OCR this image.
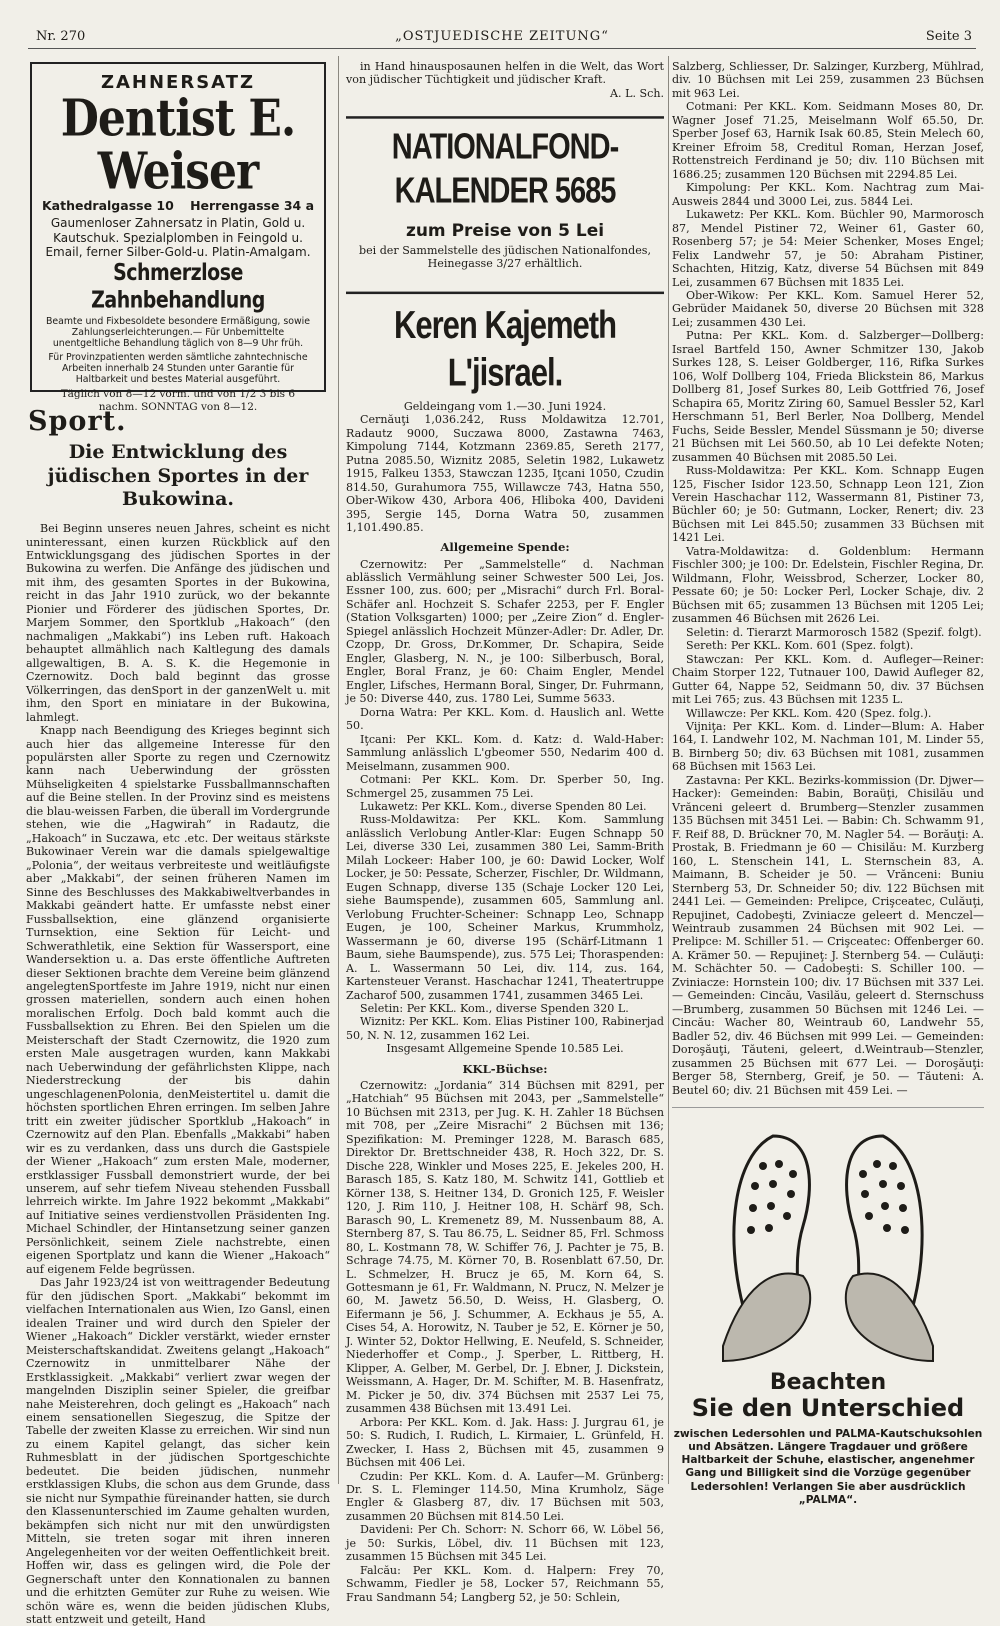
Nr. 270	„OSTJUEDISCHE ZEITUNG“	Seite 3
ZAHNERSATZ
Dentist E. Weiser
Kathedralgasse 10 Herrengasse 34 a
Gaumenloser Zahnersatz in Platin, Gold u. Kautschuk. Spezialplomben in Feingold u. Email, ferner Silber-Gold-u. Platin-Amalgam.
Schmerzlose Zahnbehandlung
Beamte und Fixbesoldete besondere Ermäßigung, sowie Zahlungserleichterungen.— Für Unbemittelte unentgeltliche Behandlung täglich von 8—9 Uhr früh.
Für Provinzpatienten werden sämtliche zahntechnische Arbeiten innerhalb 24 Stunden unter Garantie für Haltbarkeit und bestes Material ausgeführt.
Täglich von 8—12 vorm. und von 1/2 3 bis 6 nachm. SONNTAG von 8—12.
Sport.
Die Entwicklung des jüdischen Sportes in der Bukowina.

Bei Beginn unseres neuen Jahres, scheint es nicht uninteressant, einen kurzen Rückblick auf den Entwicklungsgang des jüdischen Sportes in der Bukowina zu werfen. Die Anfänge des jüdischen und mit ihm, des gesamten Sportes in der Bukowina, reicht in das Jahr 1910 zurück, wo der bekannte Pionier und Förderer des jüdischen Sportes, Dr. Marjem Sommer, den Sportklub „Hakoach“ (den nachmaligen „Makkabi“) ins Leben ruft. Hakoach behauptet allmählich nach Kaltlegung des damals allgewaltigen, B. A. S. K. die Hegemonie in Czernowitz. Doch bald beginnt das grosse Völkerringen, das denSport in der ganzenWelt u. mit ihm, den Sport en miniatare in der Bukowina, lahmlegt.

Knapp nach Beendigung des Krieges beginnt sich auch hier das allgemeine Interesse für den populärsten aller Sporte zu regen und Czernowitz kann nach Ueberwindung der grössten Mühseligkeiten 4 spielstarke Fussballmannschaften auf die Beine stellen. In der Provinz sind es meistens die blau-weissen Farben, die überall im Vordergrunde stehen, wie die „Hagwirah“ in Radautz, die „Hakoach“ in Suczawa, etc .etc. Der weitaus stärkste Bukowinaer Verein war die damals spielgewaltige „Polonia“, der weitaus verbreiteste und weitläufigste aber „Makkabi“, der seinen früheren Namen im Sinne des Beschlusses des Makkabiweltverbandes in Makkabi geändert hatte. Er umfasste nebst einer Fussballsektion, eine glänzend organisierte Turnsektion, eine Sektion für Leicht- und Schwerathletik, eine Sektion für Wassersport, eine Wandersektion u. a. Das erste öffentliche Auftreten dieser Sektionen brachte dem Vereine beim glänzend angelegtenSportfeste im Jahre 1919, nicht nur einen grossen materiellen, sondern auch einen hohen moralischen Erfolg. Doch bald kommt auch die Fussballsektion zu Ehren. Bei den Spielen um die Meisterschaft der Stadt Czernowitz, die 1920 zum ersten Male ausgetragen wurden, kann Makkabi nach Ueberwindung der gefährlichsten Klippe, nach Niederstreckung der bis dahin ungeschlagenenPolonia, denMeistertitel u. damit die höchsten sportlichen Ehren erringen. Im selben Jahre tritt ein zweiter jüdischer Sportklub „Hakoach“ in Czernowitz auf den Plan. Ebenfalls „Makkabi“ haben wir es zu verdanken, dass uns durch die Gastspiele der Wiener „Hakoach“ zum ersten Male, moderner, erstklassiger Fussball demonstriert wurde, der bei unserem, auf sehr tiefem Niveau stehenden Fussball lehrreich wirkte. Im Jahre 1922 bekommt „Makkabi“ auf Initiative seines verdienstvollen Präsidenten Ing. Michael Schindler, der Hintansetzung seiner ganzen Persönlichkeit, seinem Ziele nachstrebte, einen eigenen Sportplatz und kann die Wiener „Hakoach“ auf eigenem Felde begrüssen.

Das Jahr 1923/24 ist von weittragender Bedeutung für den jüdischen Sport. „Makkabi“ bekommt im vielfachen Internationalen aus Wien, Izo Gansl, einen idealen Trainer und wird durch den Spieler der Wiener „Hakoach“ Dickler verstärkt, wieder ernster Meisterschaftskandidat. Zweitens gelangt „Hakoach“ Czernowitz in unmittelbarer Nähe der Erstklassigkeit. „Makkabi“ verliert zwar wegen der mangelnden Disziplin seiner Spieler, die greifbar nahe Meisterehren, doch gelingt es „Hakoach“ nach einem sensationellen Siegeszug, die Spitze der Tabelle der zweiten Klasse zu erreichen. Wir sind nun zu einem Kapitel gelangt, das sicher kein Ruhmesblatt in der jüdischen Sportgeschichte bedeutet. Die beiden jüdischen, nunmehr erstklassigen Klubs, die schon aus dem Grunde, dass sie nicht nur Sympathie füreinander hatten, sie durch den Klassenunterschied im Zaume gehalten wurden, bekämpfen sich nicht nur mit den unwürdigsten Mitteln, sie treten sogar mit ihren inneren Angelegenheiten vor der weiten Oeffentlichkeit breit. Hoffen wir, dass es gelingen wird, die Pole der Gegnerschaft unter den Konnationalen zu bannen und die erhitzten Gemüter zur Ruhe zu weisen. Wie schön wäre es, wenn die beiden jüdischen Klubs, statt entzweit und geteilt, Hand

in Hand hinausposaunen helfen in die Welt, das Wort von jüdischer Tüchtigkeit und jüdischer Kraft.

A. L. Sch.
NATIONALFOND-KALENDER 5685
zum Preise von 5 Lei

bei der Sammelstelle des jüdischen Nationalfondes, Heinegasse 3/27 erhältlich.

Keren Kajemeth L'jisrael.
Geldeingang vom 1.—30. Juni 1924.

Cernăuţi 1,036.242, Russ Moldawitza 12.701, Radautz 9000, Suczawa 8000, Zastawna 7463, Kimpolung 7144, Kotzmann 2369.85, Sereth 2177, Putna 2085.50, Wiznitz 2085, Seletin 1982, Lukawetz 1915, Falkeu 1353, Stawczan 1235, Iţcani 1050, Czudin 814.50, Gurahumora 755, Willawcze 743, Hatna 550, Ober-Wikow 430, Arbora 406, Hliboka 400, Davideni 395, Sergie 145, Dorna Watra 50, zusammen 1,101.490.85.

Allgemeine Spende:

Czernowitz: Per „Sammelstelle“ d. Nachman ablässlich Vermählung seiner Schwester 500 Lei, Jos. Essner 100, zus. 600; per „Misrachi“ durch Frl. Boral-Schäfer anl. Hochzeit S. Schafer 2253, per F. Engler (Station Volksgarten) 1000; per „Zeire Zion“ d. Engler-Spiegel anlässlich Hochzeit Münzer-Adler: Dr. Adler, Dr. Czopp, Dr. Gross, Dr.Kommer, Dr. Schapira, Seide Engler, Glasberg, N. N., je 100: Silberbusch, Boral, Engler, Boral Franz, je 60: Chaim Engler, Mendel Engler, Lifsches, Hermann Boral, Singer, Dr. Fuhrmann, je 50: Diverse 440, zus. 1780 Lei, Summe 5633.

Dorna Watra: Per KKL. Kom. d. Hauslich anl. Wette 50.

Iţcani: Per KKL. Kom. d. Katz: d. Wald-Haber: Sammlung anlässlich L'gbeomer 550, Nedarim 400 d. Meiselmann, zusammen 900.

Cotmani: Per KKL. Kom. Dr. Sperber 50, Ing. Schmergel 25, zusammen 75 Lei.

Lukawetz: Per KKL. Kom., diverse Spenden 80 Lei.

Russ-Moldawitza: Per KKL. Kom. Sammlung anlässlich Verlobung Antler-Klar: Eugen Schnapp 50 Lei, diverse 330 Lei, zusammen 380 Lei, Samm-Brith Milah Lockeer: Haber 100, je 60: Dawid Locker, Wolf Locker, je 50: Pessate, Scherzer, Fischler, Dr. Wildmann, Eugen Schnapp, diverse 135 (Schaje Locker 120 Lei, siehe Baumspende), zusammen 605, Sammlung anl. Verlobung Fruchter-Scheiner: Schnapp Leo, Schnapp Eugen, je 100, Scheiner Markus, Krummholz, Wassermann je 60, diverse 195 (Schärf-Litmann 1 Baum, siehe Baumspende), zus. 575 Lei; Thoraspenden: A. L. Wassermann 50 Lei, div. 114, zus. 164, Kartensteuer Veranst. Haschachar 1241, Theatertruppe Zacharof 500, zusammen 1741, zusammen 3465 Lei.

Seletin: Per KKL. Kom., diverse Spenden 320 L.

Wiznitz: Per KKL. Kom. Elias Pistiner 100, Rabinerjad 50, N. N. 12, zusammen 162 Lei.

Insgesamt Allgemeine Spende 10.585 Lei.

KKL-Büchse:

Czernowitz: „Jordania“ 314 Büchsen mit 8291, per „Hatchiah“ 95 Büchsen mit 2043, per „Sammelstelle“ 10 Büchsen mit 2313, per Jug. K. H. Zahler 18 Büchsen mit 708, per „Zeire Misrachi“ 2 Büchsen mit 136; Spezifikation: M. Preminger 1228, M. Barasch 685, Direktor Dr. Brettschneider 438, R. Hoch 322, Dr. S. Dische 228, Winkler und Moses 225, E. Jekeles 200, H. Barasch 185, S. Katz 180, M. Schwitz 141, Gottlieb et Körner 138, S. Heitner 134, D. Gronich 125, F. Weisler 120, J. Rim 110, J. Heitner 108, H. Schärf 98, Sch. Barasch 90, L. Kremenetz 89, M. Nussenbaum 88, A. Sternberg 87, S. Tau 86.75, L. Seidner 85, Frl. Schmoss 80, L. Kostmann 78, W. Schiffer 76, J. Pachter je 75, B. Schrage 74.75, M. Körner 70, B. Rosenblatt 67.50, Dr. L. Schmelzer, H. Brucz je 65, M. Korn 64, S. Gottesmann je 61, Fr. Waldmann, N. Prucz, N. Melzer je 60, M. Jawetz 56.50, D. Weiss, H. Glasberg, O. Eifermann je 56, J. Schummer, A. Eckhaus je 55, A. Cises 54, A. Horowitz, N. Tauber je 52, E. Körner je 50, J. Winter 52, Doktor Hellwing, E. Neufeld, S. Schneider, Niederhoffer et Comp., J. Sperber, L. Rittberg, H. Klipper, A. Gelber, M. Gerbel, Dr. J. Ebner, J. Dickstein, Weissmann, A. Hager, Dr. M. Schifter, M. B. Hasenfratz, M. Picker je 50, div. 374 Büchsen mit 2537 Lei 75, zusammen 438 Büchsen mit 13.491 Lei.

Arbora: Per KKL. Kom. d. Jak. Hass: J. Jurgrau 61, je 50: S. Rudich, I. Rudich, L. Kirmaier, L. Grünfeld, H. Zwecker, I. Hass 2, Büchsen mit 45, zusammen 9 Büchsen mit 406 Lei.

Czudin: Per KKL. Kom. d. A. Laufer—M. Grünberg: Dr. S. L. Fleminger 114.50, Mina Krumholz, Säge Engler & Glasberg 87, div. 17 Büchsen mit 503, zusammen 20 Büchsen mit 814.50 Lei.

Davideni: Per Ch. Schorr: N. Schorr 66, W. Löbel 56, je 50: Surkis, Löbel, div. 11 Büchsen mit 123, zusammen 15 Büchsen mit 345 Lei.

Falcău: Per KKL. Kom. d. Halpern: Frey 70, Schwamm, Fiedler je 58, Locker 57, Reichmann 55, Frau Sandmann 54; Langberg 52, je 50: Schlein,

Salzberg, Schliesser, Dr. Salzinger, Kurzberg, Mühlrad, div. 10 Büchsen mit Lei 259, zusammen 23 Büchsen mit 963 Lei.

Cotmani: Per KKL. Kom. Seidmann Moses 80, Dr. Wagner Josef 71.25, Meiselmann Wolf 65.50, Dr. Sperber Josef 63, Harnik Isak 60.85, Stein Melech 60, Kreiner Efroim 58, Creditul Roman, Herzan Josef, Rottenstreich Ferdinand je 50; div. 110 Büchsen mit 1686.25; zusammen 120 Büchsen mit 2294.85 Lei.

Kimpolung: Per KKL. Kom. Nachtrag zum Mai-Ausweis 2844 und 3000 Lei, zus. 5844 Lei.

Lukawetz: Per KKL. Kom. Büchler 90, Marmorosch 87, Mendel Pistiner 72, Weiner 61, Gaster 60, Rosenberg 57; je 54: Meier Schenker, Moses Engel; Felix Landwehr 57, je 50: Abraham Pistiner, Schachten, Hitzig, Katz, diverse 54 Büchsen mit 849 Lei, zusammen 67 Büchsen mit 1835 Lei.

Ober-Wikow: Per KKL. Kom. Samuel Herer 52, Gebrüder Maidanek 50, diverse 20 Büchsen mit 328 Lei; zusammen 430 Lei.

Putna: Per KKL. Kom. d. Salzberger—Dollberg: Israel Bartfeld 150, Awner Schmitzer 130, Jakob Surkes 128, S. Leiser Goldberger, 116, Rifka Surkes 106, Wolf Dollberg 104, Frieda Blickstein 86, Markus Dollberg 81, Josef Surkes 80, Leib Gottfried 76, Josef Schapira 65, Moritz Ziring 60, Samuel Bessler 52, Karl Herschmann 51, Berl Berler, Noa Dollberg, Mendel Fuchs, Seide Bessler, Mendel Süssmann je 50; diverse 21 Büchsen mit Lei 560.50, ab 10 Lei defekte Noten; zusammen 40 Büchsen mit 2085.50 Lei.

Russ-Moldawitza: Per KKL. Kom. Schnapp Eugen 125, Fischer Isidor 123.50, Schnapp Leon 121, Zion Verein Haschachar 112, Wassermann 81, Pistiner 73, Büchler 60; je 50: Gutmann, Locker, Renert; div. 23 Büchsen mit Lei 845.50; zusammen 33 Büchsen mit 1421 Lei.

Vatra-Moldawitza: d. Goldenblum: Hermann Fischler 300; je 100: Dr. Edelstein, Fischler Regina, Dr. Wildmann, Flohr, Weissbrod, Scherzer, Locker 80, Pessate 60; je 50: Locker Perl, Locker Schaje, div. 2 Büchsen mit 65; zusammen 13 Büchsen mit 1205 Lei; zusammen 46 Büchsen mit 2626 Lei.

Seletin: d. Tierarzt Marmorosch 1582 (Spezif. folgt).

Sereth: Per KKL. Kom. 601 (Spez. folgt).

Stawczan: Per KKL. Kom. d. Aufleger—Reiner: Chaim Storper 122, Tutnauer 100, Dawid Aufleger 82, Gutter 64, Nappe 52, Seidmann 50, div. 37 Büchsen mit Lei 765; zus. 43 Büchsen mit 1235 L.

Willawcze: Per KKL. Kom. 420 (Spez. folg.).

Vijniţa: Per KKL. Kom. d. Linder—Blum: A. Haber 164, I. Landwehr 102, M. Nachman 101, M. Linder 55, B. Birnberg 50; div. 63 Büchsen mit 1081, zusammen 68 Büchsen mit 1563 Lei.

Zastavna: Per KKL. Bezirks-kommission (Dr. Djwer—Hacker): Gemeinden: Babin, Boraüţi, Chisilău und Vrănceni geleert d. Brumberg—Stenzler zusammen 135 Büchsen mit 3451 Lei. — Babin: Ch. Schwamm 91, F. Reif 88, D. Brückner 70, M. Nagler 54. — Borăuţi: A. Prostak, B. Friedmann je 60 — Chisilău: M. Kurzberg 160, L. Stenschein 141, L. Sternschein 83, A. Maimann, B. Scheider je 50. — Vrănceni: Buniu Sternberg 53, Dr. Schneider 50; div. 122 Büchsen mit 2441 Lei. — Gemeinden: Prelipce, Crişceatec, Culăuţi, Repujinet, Cadobeşti, Zviniacze geleert d. Menczel—Weintraub zusammen 24 Büchsen mit 902 Lei. — Prelipce: M. Schiller 51. — Crişceatec: Offenberger 60. A. Krämer 50. — Repujineţ: J. Sternberg 54. — Culăuţi: M. Schächter 50. — Cadobeşti: S. Schiller 100. — Zviniacze: Hornstein 100; div. 17 Büchsen mit 337 Lei. — Gemeinden: Cincău, Vasilău, geleert d. Sternschuss—Brumberg, zusammen 50 Büchsen mit 1246 Lei. — Cincău: Wacher 80, Weintraub 60, Landwehr 55, Badler 52, div. 46 Büchsen mit 999 Lei. — Gemeinden: Doroşăuţi, Tăuteni, geleert, d.Weintraub—Stenzler, zusammen 25 Büchsen mit 677 Lei. — Doroşăuţi: Berger 58, Sternberg, Greif, je 50. — Tăuteni: A. Beutel 60; div. 21 Büchsen mit 459 Lei. —

Beachten
Sie den Unterschied
zwischen Ledersohlen und PALMA-Kautschuksohlen und Absätzen. Längere Tragdauer und größere Haltbarkeit der Schuhe, elastischer, angenehmer Gang und Billigkeit sind die Vorzüge gegenüber Ledersohlen! Verlangen Sie aber ausdrücklich „PALMA“.
